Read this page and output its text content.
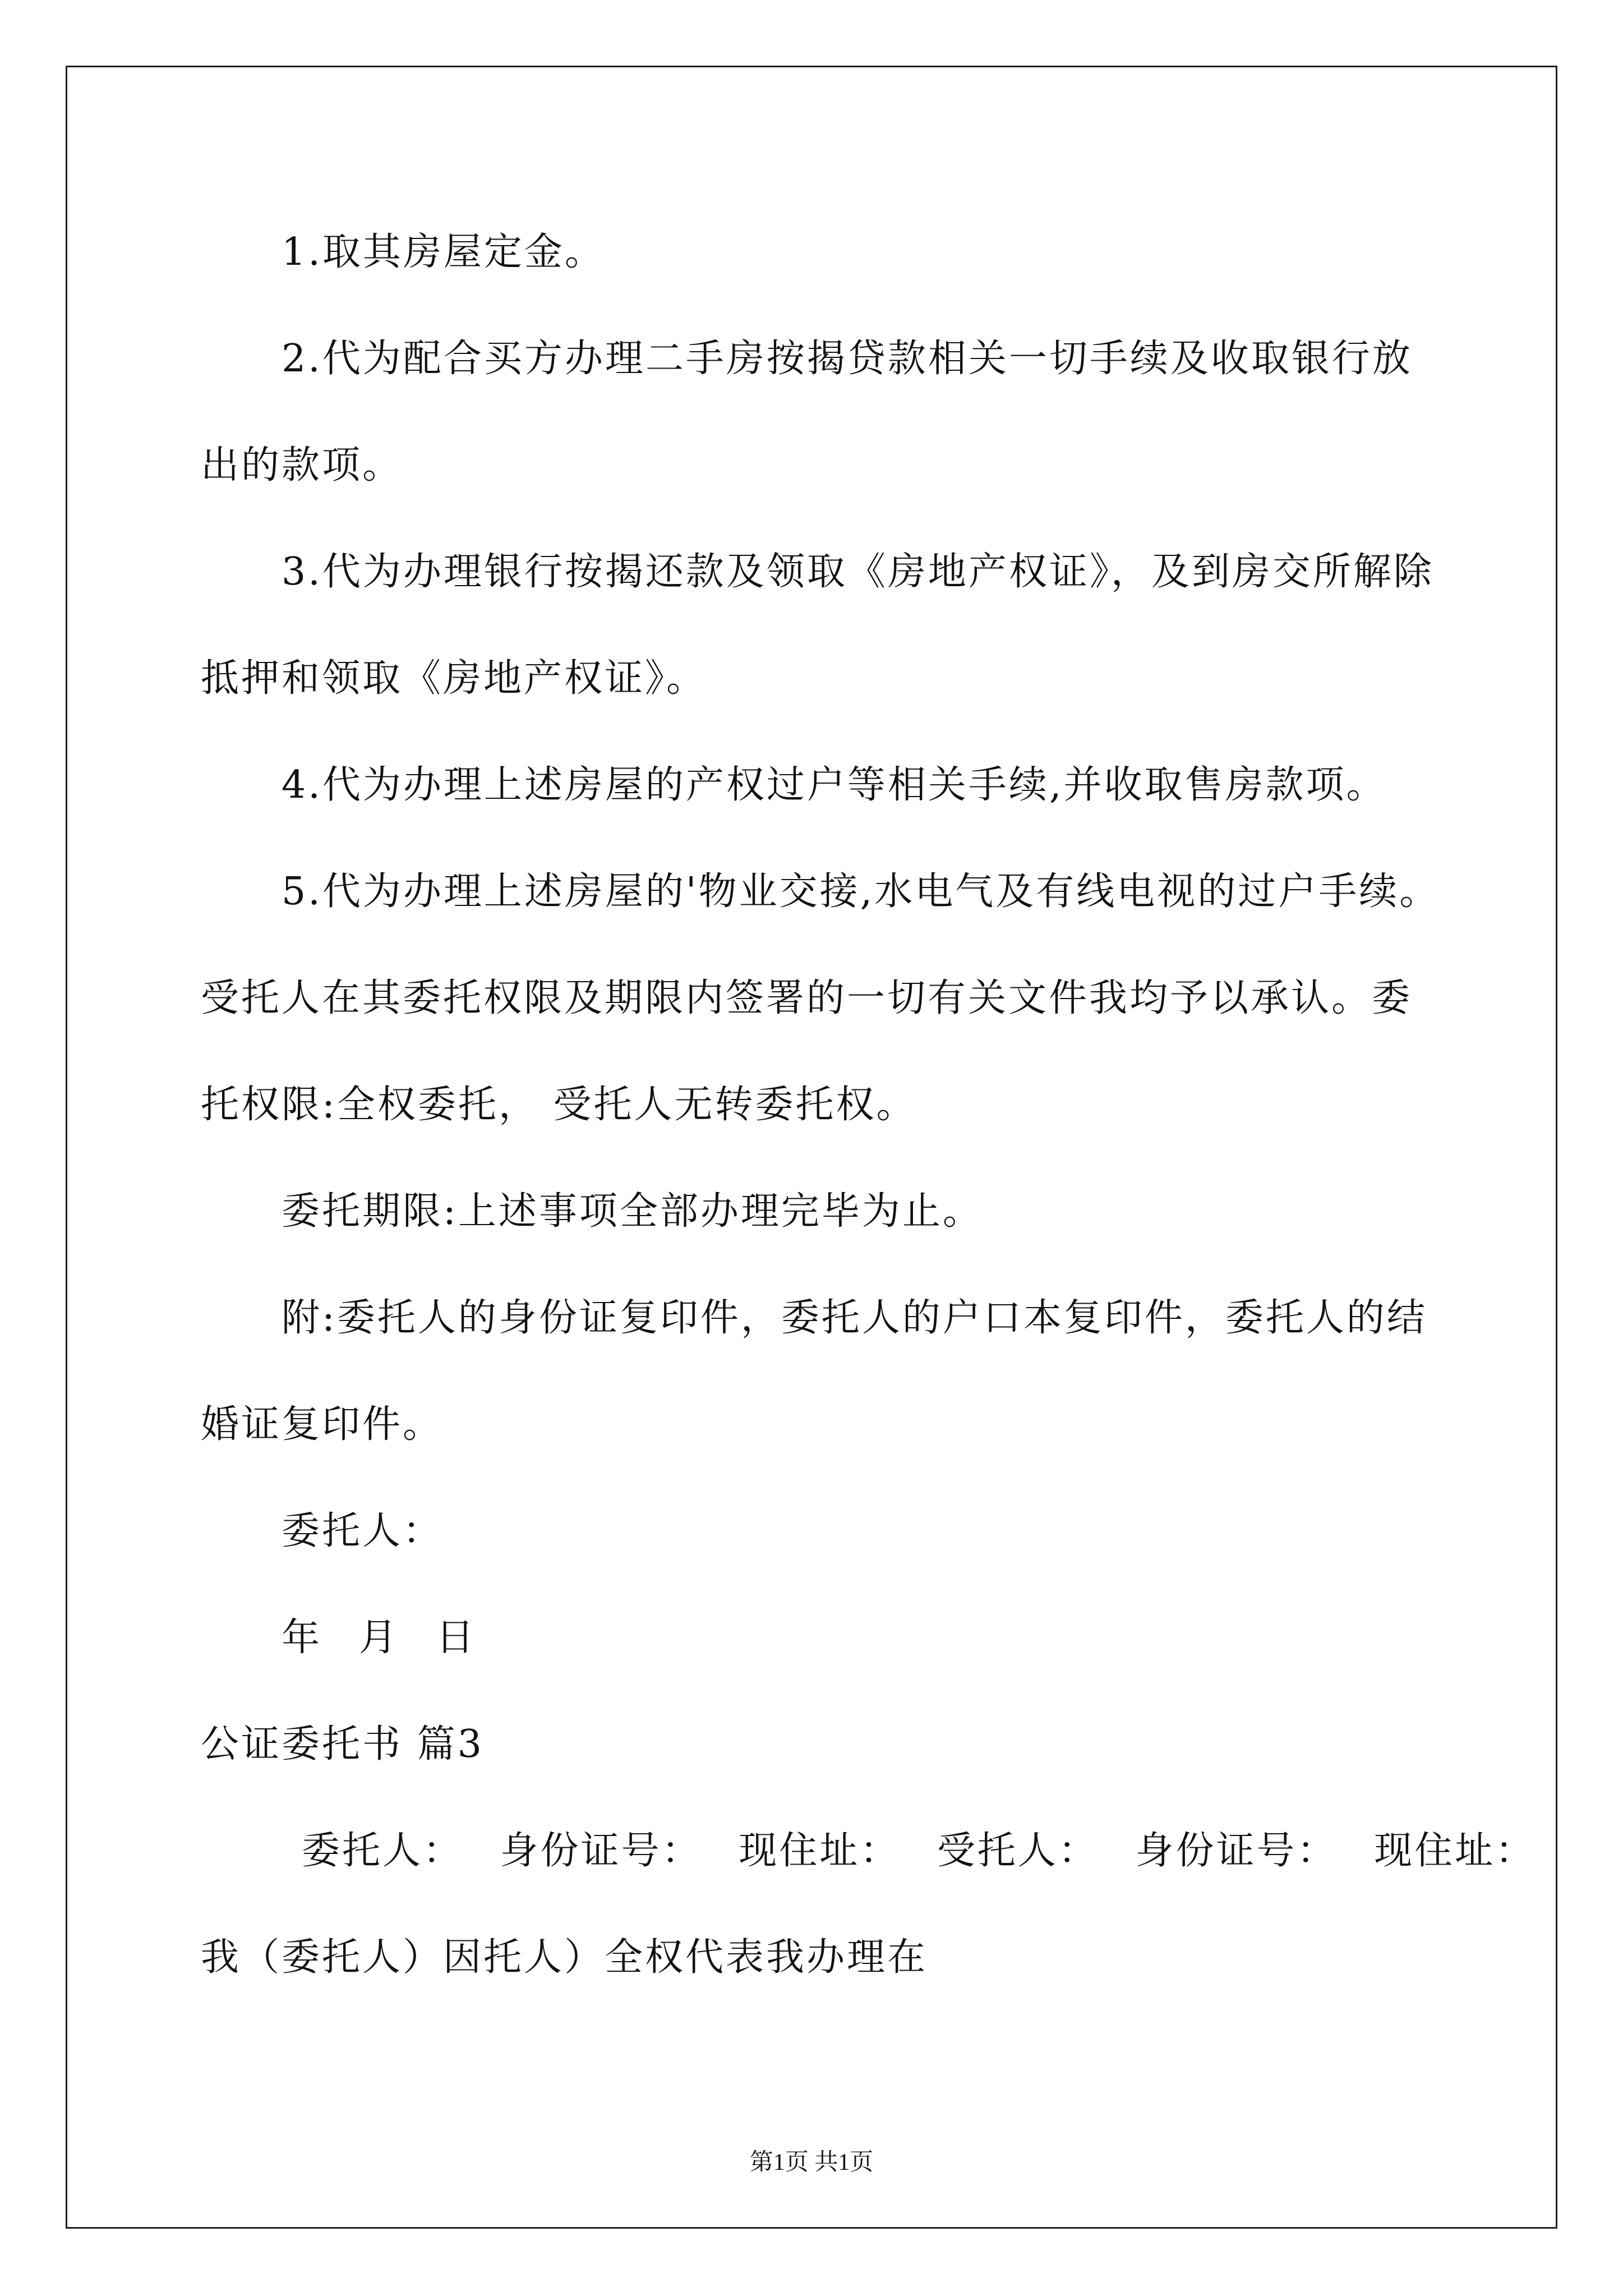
1.取其房屋定金。
2.代为配合买方办理二手房按揭贷款相关一切手续及收取银行放
出的款项。
3.代为办理银行按揭还款及领取《房地产权证》，及到房交所解除
抵押和领取《房地产权证》。
4.代为办理上述房屋的产权过户等相关手续,并收取售房款项。
5.代为办理上述房屋的'物业交接,水电气及有线电视的过户手续。
受托人在其委托权限及期限内签署的一切有关文件我均予以承认。委
托权限:全权委托， 受托人无转委托权。
委托期限:上述事项全部办理完毕为止。
附:委托人的身份证复印件，委托人的户口本复印件，委托人的结
婚证复印件。
委托人：
年 月 日
公证委托书 篇3
委托人： 身份证号： 现住址： 受托人： 身份证号： 现住址：
我（委托人）因托人）全权代表我办理在
第1页 共1页
